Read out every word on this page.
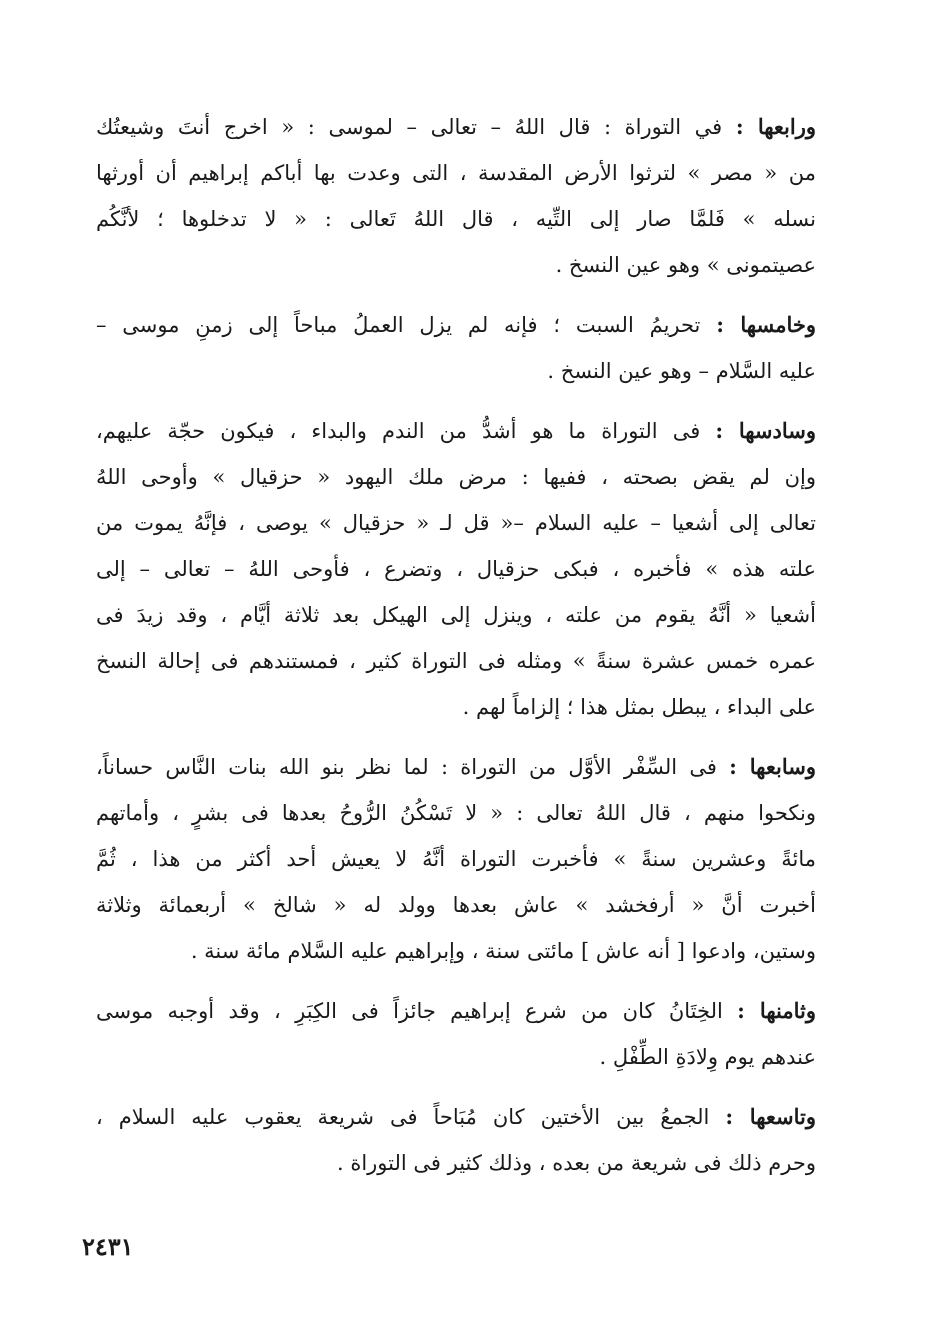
ورابعها : في التوراة : قال اللهُ – تعالى – لموسى : « اخرج أنتَ وشيعتُك
من « مصر » لترثوا الأرض المقدسة ، التى وعدت بها أباكم إبراهيم أن أورثها
نسله » فَلمَّا صار إلى التِّيه ، قال اللهُ تَعالى : « لا تدخلوها ؛ لأنَّكُم
عصيتمونى » وهو عين النسخ .
وخامسها : تحريمُ السبت ؛ فإنه لم يزل العملُ مباحاً إلى زمنِ موسى –
عليه السَّلام – وهو عين النسخ .
وسادسها : فى التوراة ما هو أشدُّ من الندم والبداء ، فيكون حجّة عليهم،
وإن لم يقض بصحته ، ففيها : مرض ملك اليهود « حزقيال » وأوحى اللهُ
تعالى إلى أشعيا – عليه السلام –« قل لـ « حزقيال » يوصى ، فإنَّهُ يموت من
علته هذه » فأخبره ، فبكى حزقيال ، وتضرع ، فأوحى اللهُ – تعالى – إلى
أشعيا « أنَّهُ يقوم من علته ، وينزل إلى الهيكل بعد ثلاثة أيَّام ، وقد زيدَ فى
عمره خمس عشرة سنةً » ومثله فى التوراة كثير ، فمستندهم فى إحالة النسخ
على البداء ، يبطل بمثل هذا ؛ إلزاماً لهم .
وسابعها : فى السِّفْر الأوَّل من التوراة : لما نظر بنو الله بنات النَّاس حساناً،
ونكحوا منهم ، قال اللهُ تعالى : « لا تَسْكُنُ الرُّوحُ بعدها فى بشرٍ ، وأماتهم
مائةً وعشرين سنةً » فأخبرت التوراة أنَّهُ لا يعيش أحد أكثر من هذا ، ثُمَّ
أخبرت أنَّ « أرفخشد » عاش بعدها وولد له « شالخ » أربعمائة وثلاثة
وستين، وادعوا [ أنه عاش ] مائتى سنة ، وإبراهيم عليه السَّلام مائة سنة .
وثامنها : الخِتَانُ كان من شرع إبراهيم جائزاً فى الكِبَرِ ، وقد أوجبه موسى
عندهم يوم وِلادَةِ الطِّفْلِ .
وتاسعها : الجمعُ بين الأختين كان مُبَاحاً فى شريعة يعقوب عليه السلام ،
وحرم ذلك فى شريعة من بعده ، وذلك كثير فى التوراة .
٢٤٣١
